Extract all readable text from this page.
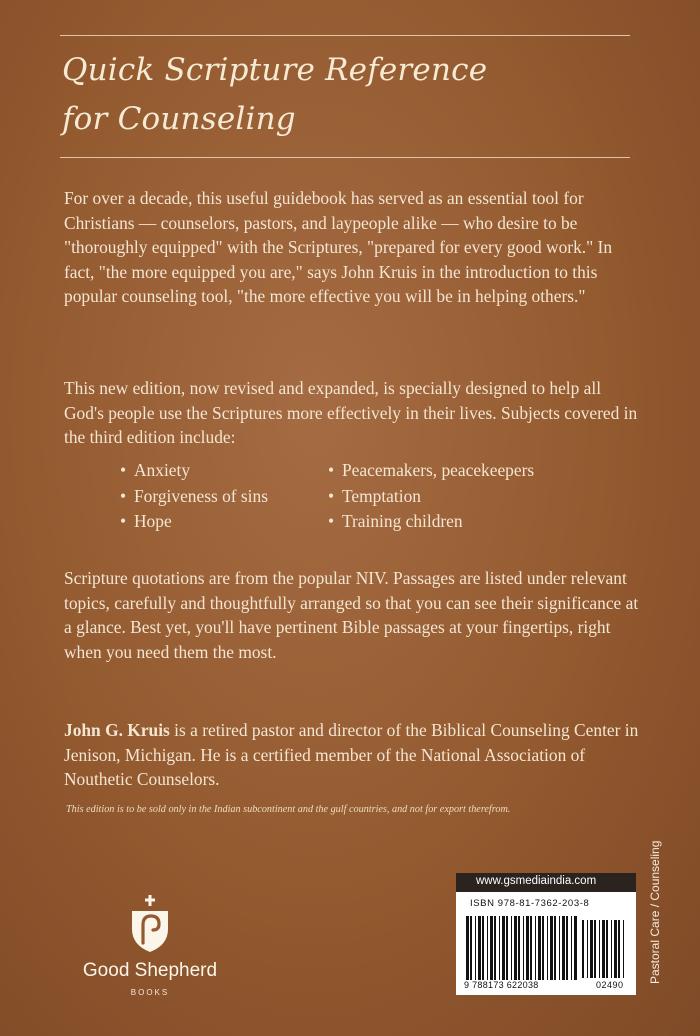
Quick Scripture Reference
for Counseling
For over a decade, this useful guidebook has served as an essential tool for Christians — counselors, pastors, and laypeople alike — who desire to be "thoroughly equipped" with the Scriptures, "prepared for every good work." In fact, "the more equipped you are," says John Kruis in the introduction to this popular counseling tool, "the more effective you will be in helping others."
This new edition, now revised and expanded, is specially designed to help all God's people use the Scriptures more effectively in their lives. Subjects covered in the third edition include:
• Anxiety
• Forgiveness of sins
• Hope
• Peacemakers, peacekeepers
• Temptation
• Training children
Scripture quotations are from the popular NIV. Passages are listed under relevant topics, carefully and thoughtfully arranged so that you can see their significance at a glance. Best yet, you'll have pertinent Bible passages at your fingertips, right when you need them the most.
John G. Kruis is a retired pastor and director of the Biblical Counseling Center in Jenison, Michigan. He is a certified member of the National Association of Nouthetic Counselors.
This edition is to be sold only in the Indian subcontinent and the gulf countries, and not for export therefrom.
Good Shepherd
BOOKS
www.gsmediaindia.com
ISBN 978-81-7362-203-8
9 788173 622038	02490
Pastoral Care / Counseling
